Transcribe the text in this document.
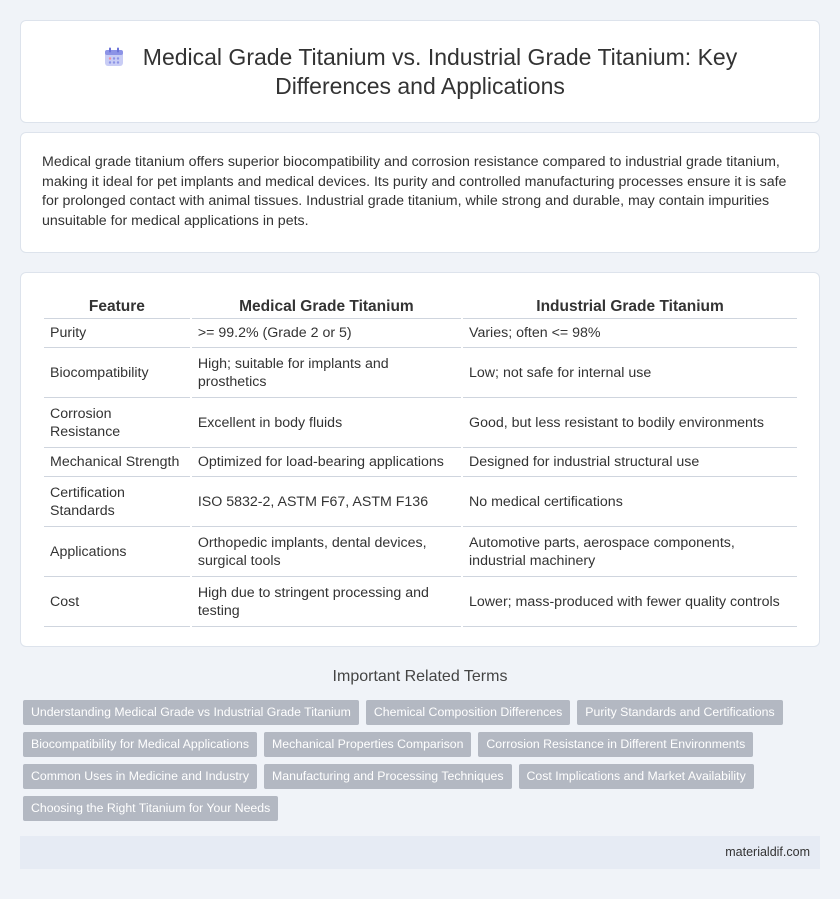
Medical Grade Titanium vs. Industrial Grade Titanium: Key Differences and Applications

Medical grade titanium offers superior biocompatibility and corrosion resistance compared to industrial grade titanium, making it ideal for pet implants and medical devices. Its purity and controlled manufacturing processes ensure it is safe for prolonged contact with animal tissues. Industrial grade titanium, while strong and durable, may contain impurities unsuitable for medical applications in pets.

Feature	Medical Grade Titanium	Industrial Grade Titanium
Purity	>= 99.2% (Grade 2 or 5)	Varies; often <= 98%
Biocompatibility	High; suitable for implants and prosthetics	Low; not safe for internal use
Corrosion Resistance	Excellent in body fluids	Good, but less resistant to bodily environments
Mechanical Strength	Optimized for load-bearing applications	Designed for industrial structural use
Certification Standards	ISO 5832-2, ASTM F67, ASTM F136	No medical certifications
Applications	Orthopedic implants, dental devices, surgical tools	Automotive parts, aerospace components, industrial machinery
Cost	High due to stringent processing and testing	Lower; mass-produced with fewer quality controls
Important Related Terms
Understanding Medical Grade vs Industrial Grade Titanium	Chemical Composition Differences	Purity Standards and Certifications
Biocompatibility for Medical Applications	Mechanical Properties Comparison	Corrosion Resistance in Different Environments
Common Uses in Medicine and Industry	Manufacturing and Processing Techniques	Cost Implications and Market Availability
Choosing the Right Titanium for Your Needs
materialdif.com
